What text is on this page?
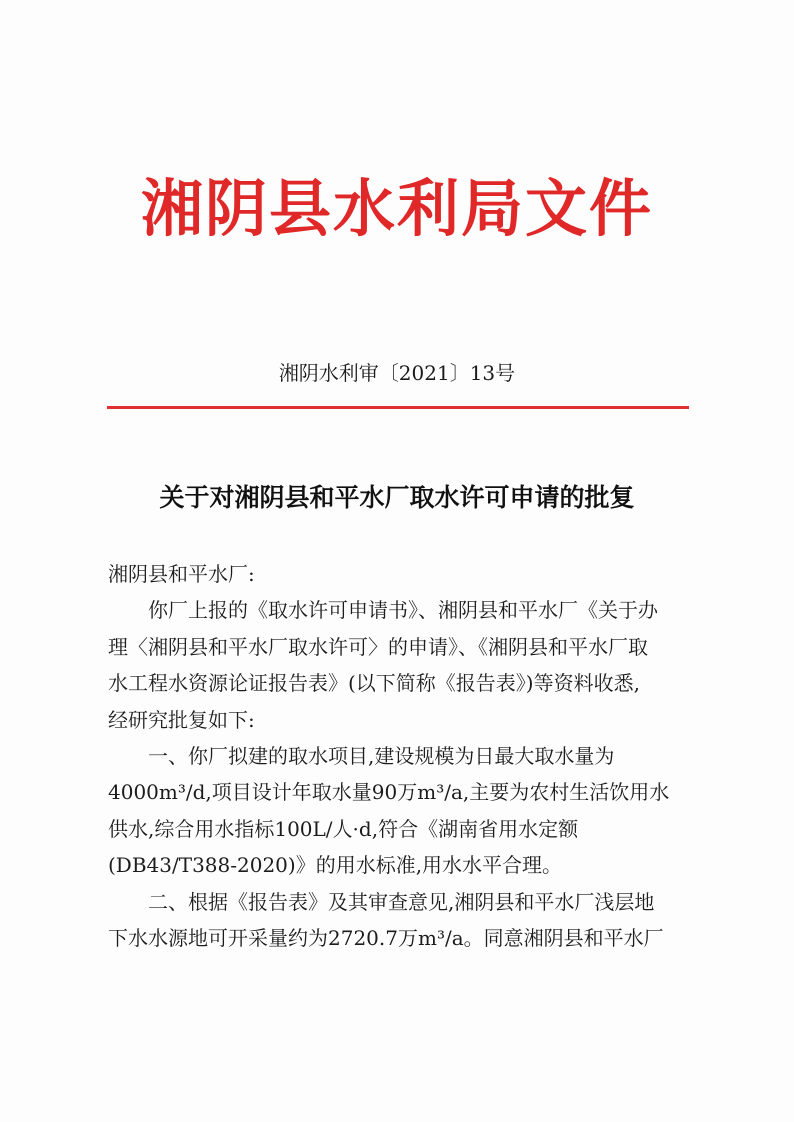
湘阴县水利局文件
湘阴水利审〔2021〕13号
关于对湘阴县和平水厂取水许可申请的批复
湘阴县和平水厂:
你厂上报的《取水许可申请书》、湘阴县和平水厂《关于办
理〈湘阴县和平水厂取水许可〉的申请》、《湘阴县和平水厂取
水工程水资源论证报告表》(以下简称《报告表》)等资料收悉,
经研究批复如下:
一、你厂拟建的取水项目,建设规模为日最大取水量为
4000m³/d,项目设计年取水量90万m³/a,主要为农村生活饮用水
供水,综合用水指标100L/人·d,符合《湖南省用水定额
(DB43/T388-2020)》的用水标准,用水水平合理。
二、根据《报告表》及其审查意见,湘阴县和平水厂浅层地
下水水源地可开采量约为2720.7万m³/a。同意湘阴县和平水厂
